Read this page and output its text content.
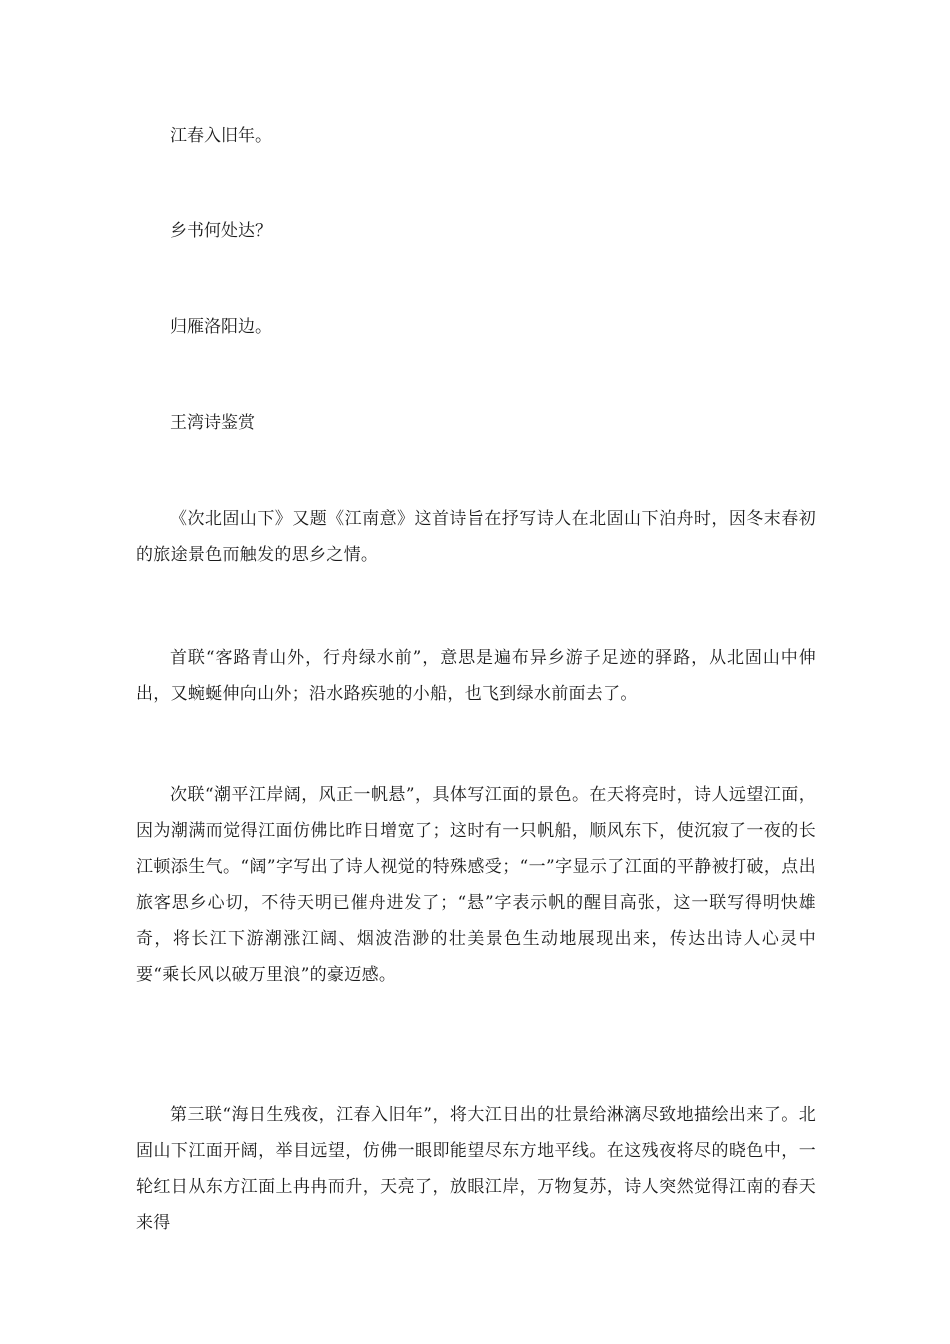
江春入旧年。
乡书何处达？
归雁洛阳边。
王湾诗鉴赏
《次北固山下》又题《江南意》这首诗旨在抒写诗人在北固山下泊舟时，因冬末春初的旅途景色而触发的思乡之情。
首联“客路青山外，行舟绿水前”，意思是遍布异乡游子足迹的驿路，从北固山中伸出，又蜿蜒伸向山外；沿水路疾驰的小船，也飞到绿水前面去了。
次联“潮平江岸阔，风正一帆悬”，具体写江面的景色。在天将亮时，诗人远望江面，因为潮满而觉得江面仿佛比昨日增宽了；这时有一只帆船，顺风东下，使沉寂了一夜的长江顿添生气。“阔”字写出了诗人视觉的特殊感受；“一”字显示了江面的平静被打破，点出旅客思乡心切，不待天明已催舟进发了；“悬”字表示帆的醒目高张，这一联写得明快雄奇，将长江下游潮涨江阔、烟波浩渺的壮美景色生动地展现出来，传达出诗人心灵中要“乘长风以破万里浪”的豪迈感。
第三联“海日生残夜，江春入旧年”，将大江日出的壮景给淋漓尽致地描绘出来了。北固山下江面开阔，举目远望，仿佛一眼即能望尽东方地平线。在这残夜将尽的晓色中，一轮红日从东方江面上冉冉而升，天亮了，放眼江岸，万物复苏，诗人突然觉得江南的春天来得
